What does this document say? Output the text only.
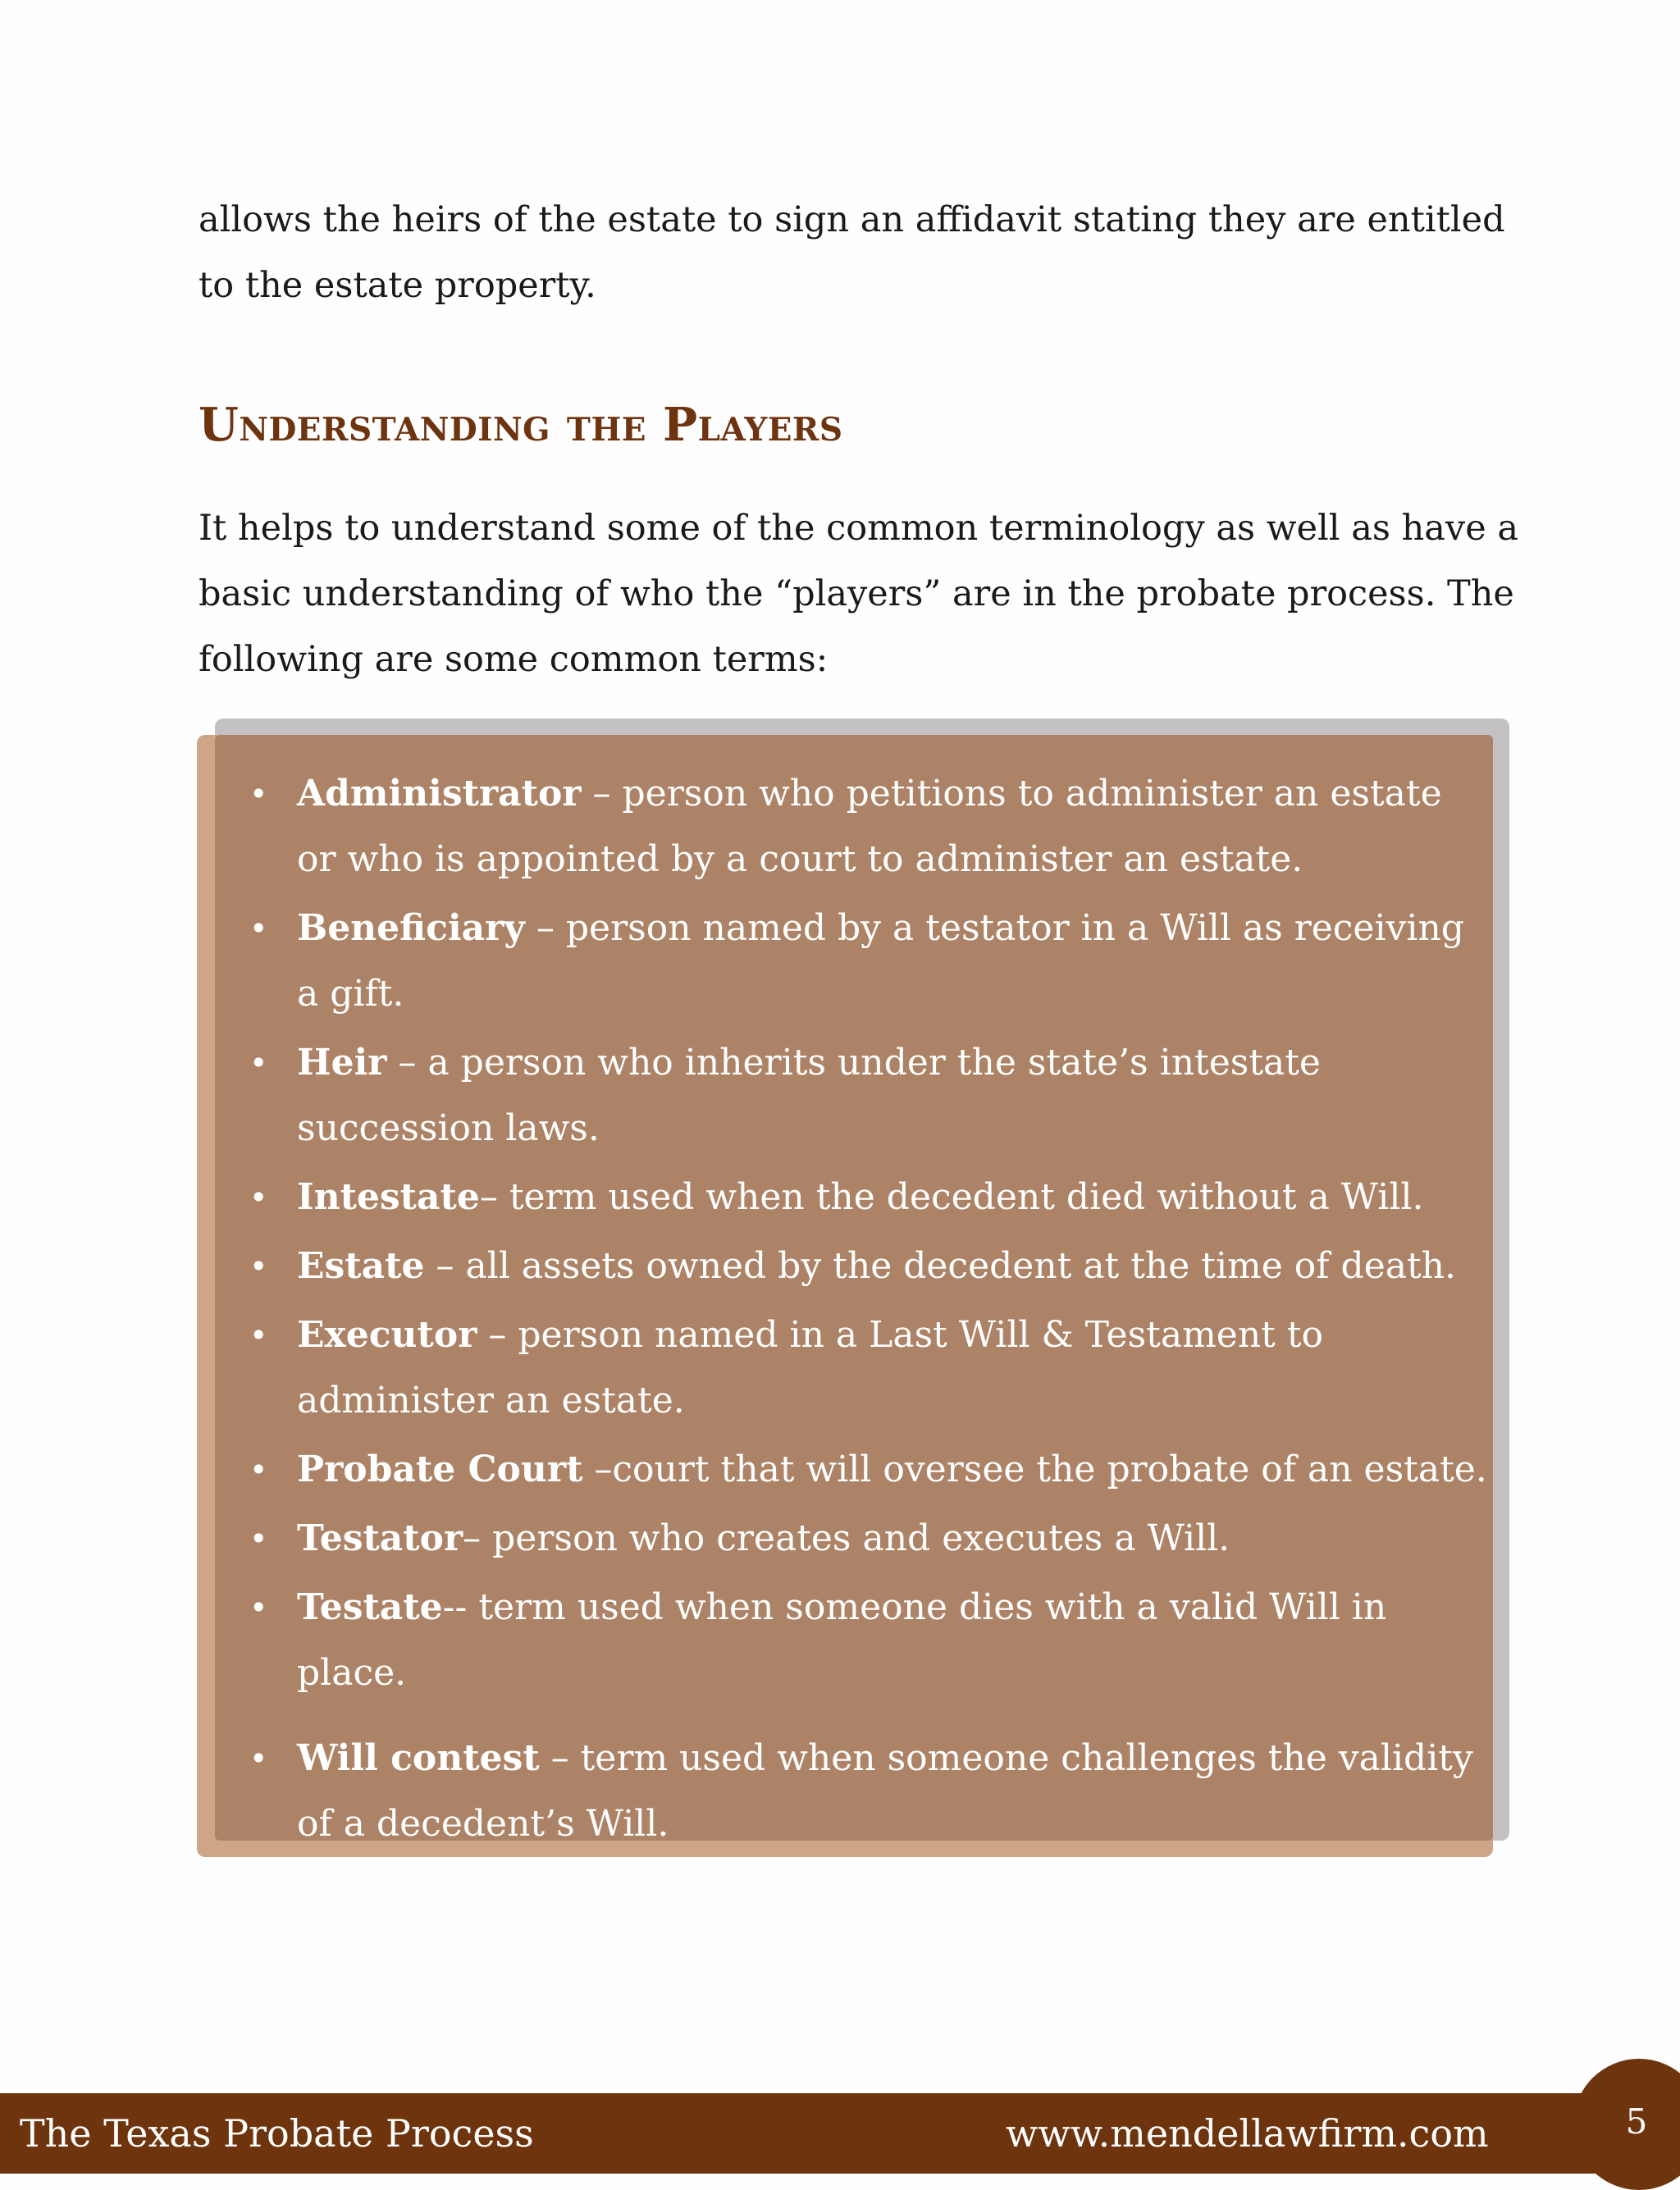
allows the heirs of the estate to sign an affidavit stating they are entitled to the estate property.

Understanding the Players

It helps to understand some of the common terminology as well as have a basic understanding of who the “players” are in the probate process. The following are some common terms:

• Administrator – person who petitions to administer an estate or who is appointed by a court to administer an estate.
• Beneficiary – person named by a testator in a Will as receiving a gift.
• Heir – a person who inherits under the state’s intestate succession laws.
• Intestate– term used when the decedent died without a Will.
• Estate – all assets owned by the decedent at the time of death.
• Executor – person named in a Last Will & Testament to administer an estate.
• Probate Court –court that will oversee the probate of an estate.
• Testator– person who creates and executes a Will.
• Testate-- term used when someone dies with a valid Will in place.
• Will contest – term used when someone challenges the validity of a decedent’s Will.
The Texas Probate Process	www.mendellawfirm.com	5
